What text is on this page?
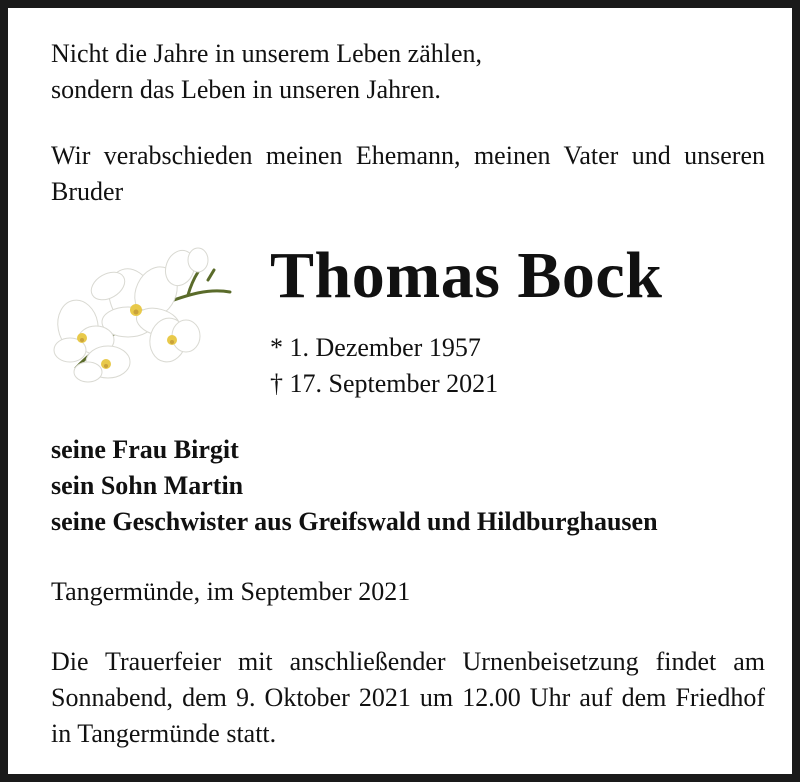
Nicht die Jahre in unserem Leben zählen,
sondern das Leben in unseren Jahren.

Wir verabschieden meinen Ehemann, meinen Vater und unseren Bruder

Thomas Bock
* 1. Dezember 1957
† 17. September 2021
seine Frau Birgit
sein Sohn Martin
seine Geschwister aus Greifswald und Hildburghausen

Tangermünde, im September 2021

Die Trauerfeier mit anschließender Urnenbeisetzung findet am Sonnabend, dem 9. Oktober 2021 um 12.00 Uhr auf dem Friedhof in Tangermünde statt.
